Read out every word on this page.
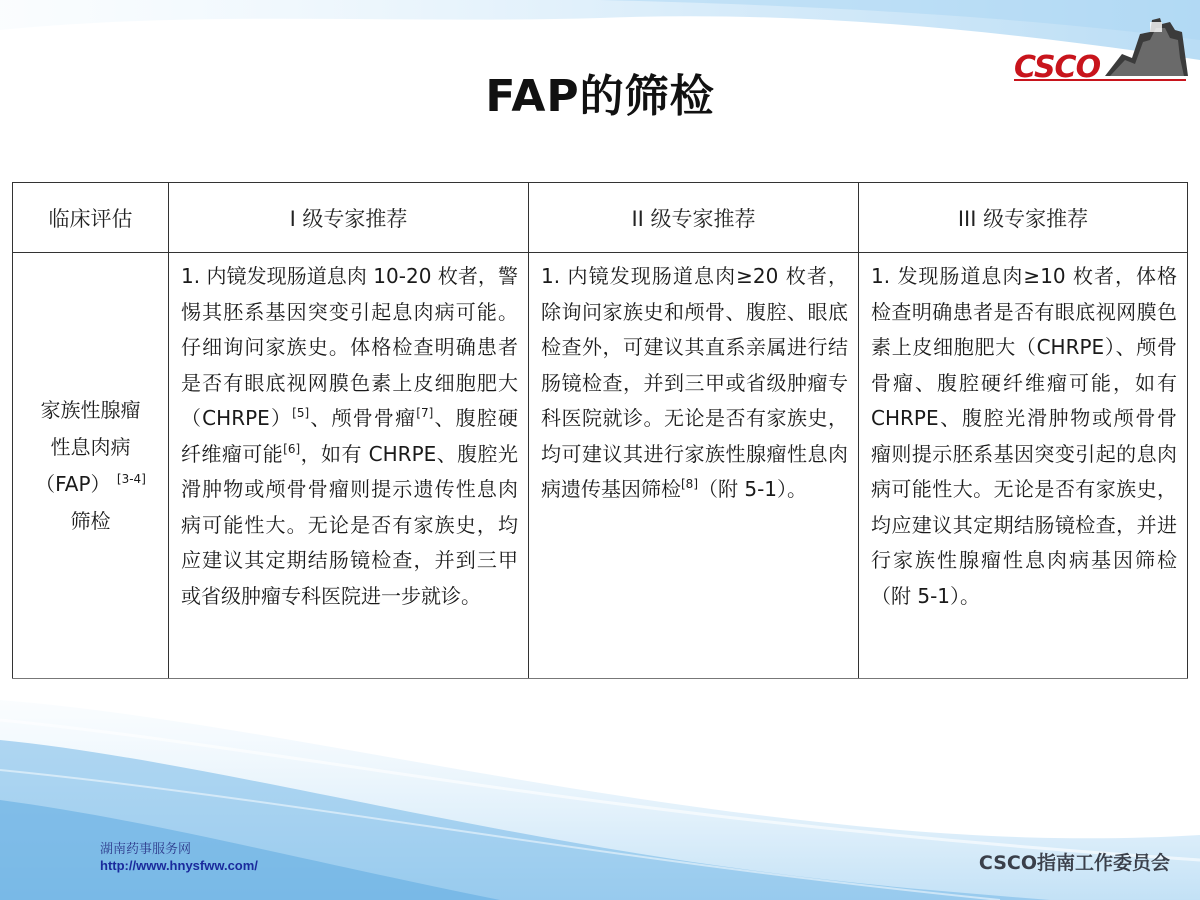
CSCO
FAP的筛检
临床评估	I 级专家推荐	II 级专家推荐	III 级专家推荐

家族性腺瘤
性息肉病
（FAP） [3-4]
筛检	1. 内镜发现肠道息肉 10-20 枚者，警惕其胚系基因突变引起息肉病可能。仔细询问家族史。体格检查明确患者是否有眼底视网膜色素上皮细胞肥大（CHRPE）[5]、颅骨骨瘤[7]、腹腔硬纤维瘤可能[6]，如有 CHRPE、腹腔光滑肿物或颅骨骨瘤则提示遗传性息肉病可能性大。无论是否有家族史，均应建议其定期结肠镜检查，并到三甲或省级肿瘤专科医院进一步就诊。	1. 内镜发现肠道息肉≥20 枚者，除询问家族史和颅骨、腹腔、眼底检查外，可建议其直系亲属进行结肠镜检查，并到三甲或省级肿瘤专科医院就诊。无论是否有家族史，均可建议其进行家族性腺瘤性息肉病遗传基因筛检[8]（附 5-1）。	1. 发现肠道息肉≥10 枚者，体格检查明确患者是否有眼底视网膜色素上皮细胞肥大（CHRPE）、颅骨骨瘤、腹腔硬纤维瘤可能，如有 CHRPE、腹腔光滑肿物或颅骨骨瘤则提示胚系基因突变引起的息肉病可能性大。无论是否有家族史，均应建议其定期结肠镜检查，并进行家族性腺瘤性息肉病基因筛检（附 5-1）。
湖南药事服务网
http://www.hnysfww.com/	CSCO指南工作委员会
